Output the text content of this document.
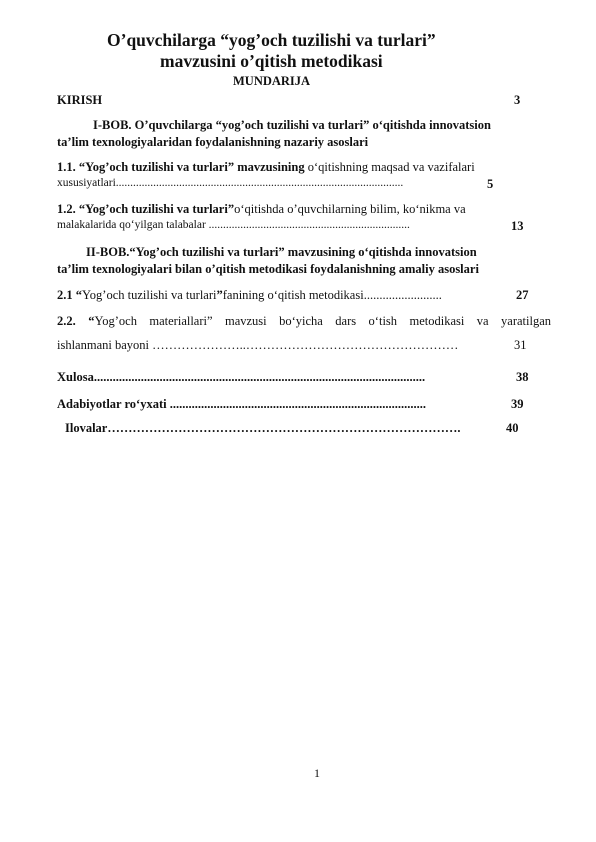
O’quvchilarga “yog’och tuzilishi va turlari”
mavzusini o’qitish metodikasi
MUNDARIJA
KIRISH	3
I-BOB. O’quvchilarga “yog’och tuzilishi va turlari” o‘qitishda innovatsion
ta’lim texnologiyalaridan foydalanishning nazariy asoslari
1.1. “Yog’och tuzilishi va turlari” mavzusining o‘qitishning maqsad va vazifalari
xususiyatlari....................................................................................................	5
1.2. “Yog’och tuzilishi va turlari”o‘qitishda o’quvchilarning bilim, ko‘nikma va
malakalarida qo‘yilgan talabalar ......................................................................	13
II-BOB.“Yog’och tuzilishi va turlari” mavzusining o‘qitishda innovatsion
ta’lim texnologiyalari bilan o’qitish metodikasi foydalanishning amaliy asoslari
2.1 “Yog’och tuzilishi va turlari”fanining o‘qitish metodikasi.........................	27
2.2. “Yog’och materiallari” mavzusi bo‘yicha dars o‘tish metodikasi va yaratilgan
ishlanmani bayoni …………………..……………………………………………	31
Xulosa..........................................................................................................	38
Adabiyotlar ro‘yxati ..................................................................................	39
Ilovalar………………………………………………………………………….	40
1
